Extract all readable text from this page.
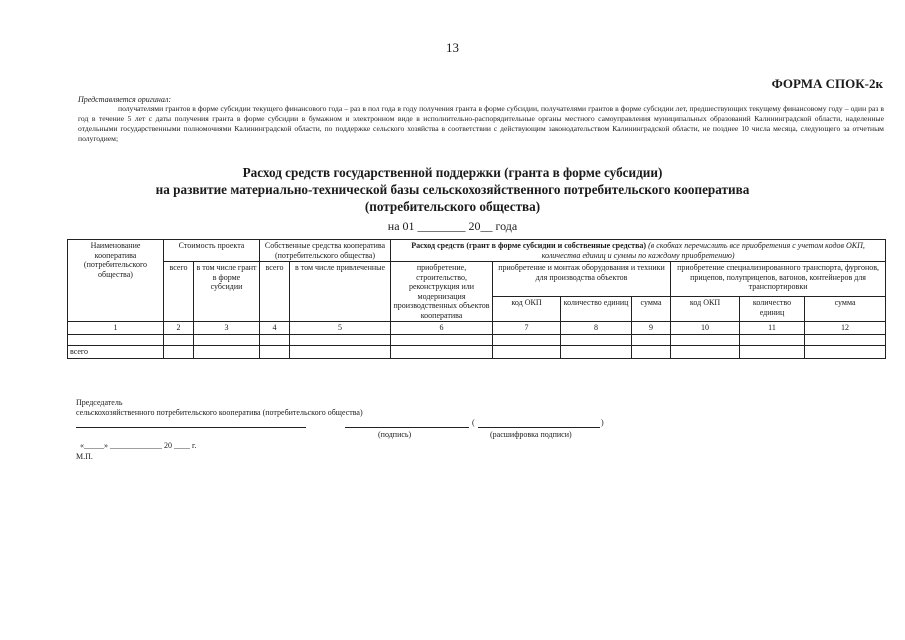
13
ФОРМА СПОК-2к
Представляется оригинал:
получателями грантов в форме субсидии текущего финансового года – раз в пол года в году получения гранта в форме субсидии, получателями грантов в форме субсидии лет, предшествующих текущему финансовому году – один раз в год в течение 5 лет с даты получения гранта в форме субсидии в бумажном и электронном виде в исполнительно-распорядительные органы местного самоуправления муниципальных образований Калининградской области, наделенные отдельными государственными полномочиями Калининградской области, по поддержке сельского хозяйства в соответствии с действующим законодательством Калининградской области, не позднее 10 числа месяца, следующего за отчетным полугодием;
Расход средств государственной поддержки (гранта в форме субсидии)
на развитие материально-технической базы сельскохозяйственного потребительского кооператива
(потребительского общества)
на 01 ________ 20__ года
Наименование кооператива (потребительского общества)	Стоимость проекта		Собственные средства кооператива (потребительского общества)		Расход средств (грант в форме субсидии и собственные средства) (в скобках перечислить все приобретения с учетом кодов ОКП, количества единиц и суммы по каждому приобретению)						
	всего	в том числе грант в форме субсидии	всего	в том числе привлеченные	приобретение, строительство, реконструкция или модернизация производственных объектов кооператива	приобретение и монтаж оборудования и техники для производства объектов			приобретение специализированного транспорта, фургонов, прицепов, полуприцепов, вагонов, контейнеров для транспортировки		
						код ОКП	количество единиц	сумма	код ОКП	количество единиц	сумма
1	2	3	4	5	6	7	8	9	10	11	12

всего											
Председатель
сельскохозяйственного потребительского кооператива (потребительского общества)
(	)
(подпись)	(расшифровка подписи)
«_____» _____________ 20 ____ г.
М.П.
